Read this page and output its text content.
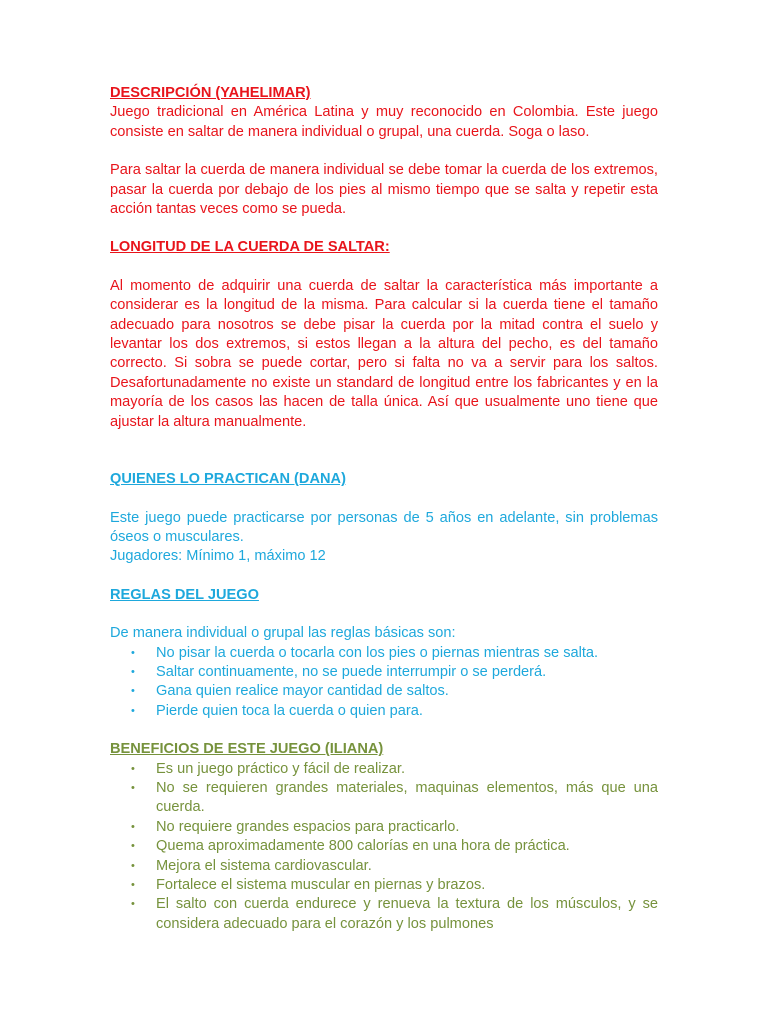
DESCRIPCIÓN (YAHELIMAR)

Juego tradicional en América Latina y muy reconocido en Colombia. Este juego consiste en saltar de manera individual o grupal, una cuerda. Soga o laso.

Para saltar la cuerda de manera individual se debe tomar la cuerda de los extremos, pasar la cuerda por debajo de los pies al mismo tiempo que se salta y repetir esta acción tantas veces como se pueda.

LONGITUD DE LA CUERDA DE SALTAR:

Al momento de adquirir una cuerda de saltar la característica más importante a considerar es la longitud de la misma. Para calcular si la cuerda tiene el tamaño adecuado para nosotros se debe pisar la cuerda por la mitad contra el suelo y levantar los dos extremos, si estos llegan a la altura del pecho, es del tamaño correcto. Si sobra se puede cortar, pero si falta no va a servir para los saltos. Desafortunadamente no existe un standard de longitud entre los fabricantes y en la mayoría de los casos las hacen de talla única. Así que usualmente uno tiene que ajustar la altura manualmente.

QUIENES LO PRACTICAN (DANA)

Este juego puede practicarse por personas de 5 años en adelante, sin problemas óseos o musculares.

Jugadores: Mínimo 1, máximo 12

REGLAS DEL JUEGO

De manera individual o grupal las reglas básicas son:

• No pisar la cuerda o tocarla con los pies o piernas mientras se salta.
• Saltar continuamente, no se puede interrumpir o se perderá.
• Gana quien realice mayor cantidad de saltos.
• Pierde quien toca la cuerda o quien para.

BENEFICIOS DE ESTE JUEGO (ILIANA)

• Es un juego práctico y fácil de realizar.
• No se requieren grandes materiales, maquinas elementos, más que una cuerda.
• No requiere grandes espacios para practicarlo.
• Quema aproximadamente 800 calorías en una hora de práctica.
• Mejora el sistema cardiovascular.
• Fortalece el sistema muscular en piernas y brazos.
• El salto con cuerda endurece y renueva la textura de los músculos, y se considera adecuado para el corazón y los pulmones
